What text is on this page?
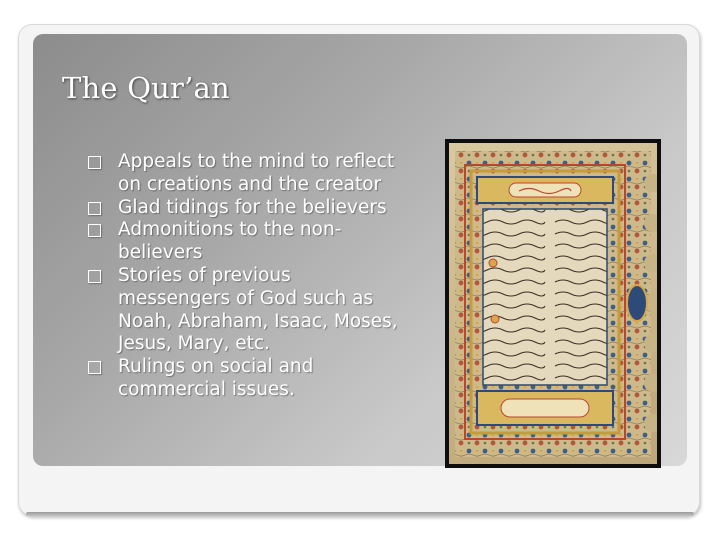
The Qur’an
Appeals to the mind to reflect on creations and the creator
Glad tidings for the believers
Admonitions to the non-believers
Stories of previous messengers of God such as Noah, Abraham, Isaac, Moses, Jesus, Mary, etc.
Rulings on social and commercial issues.
